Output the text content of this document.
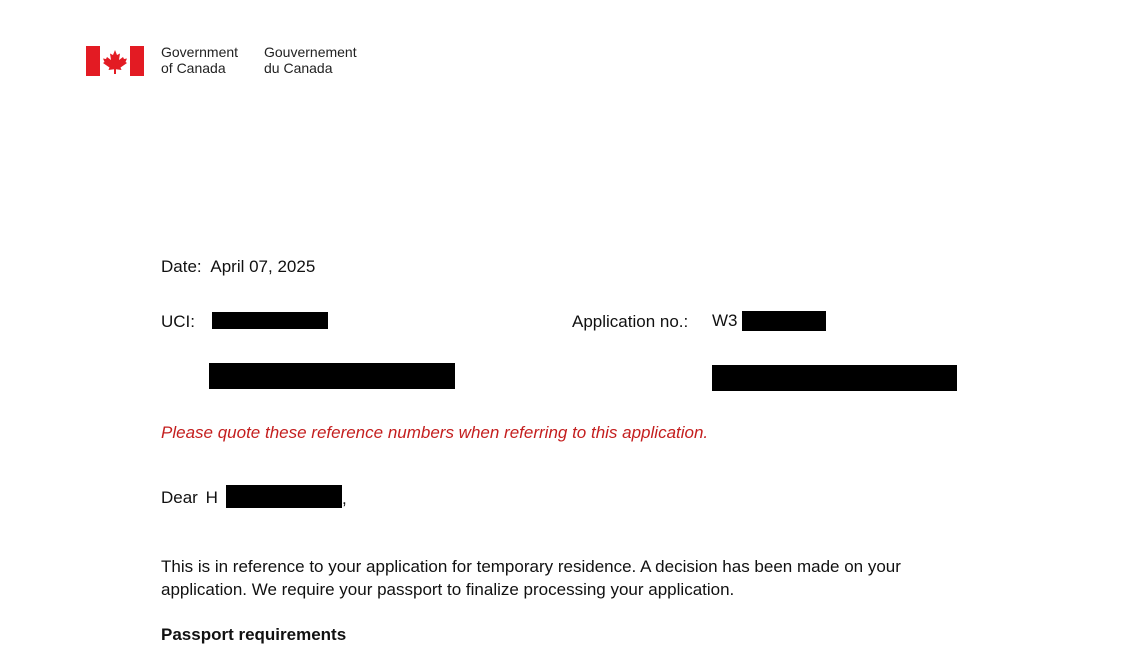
Government
of Canada
Gouvernement
du Canada
Date: April 07, 2025
UCI:	Application no.: W3
Please quote these reference numbers when referring to this application.
Dear H	,
This is in reference to your application for temporary residence. A decision has been made on your application. We require your passport to finalize processing your application.
Passport requirements
